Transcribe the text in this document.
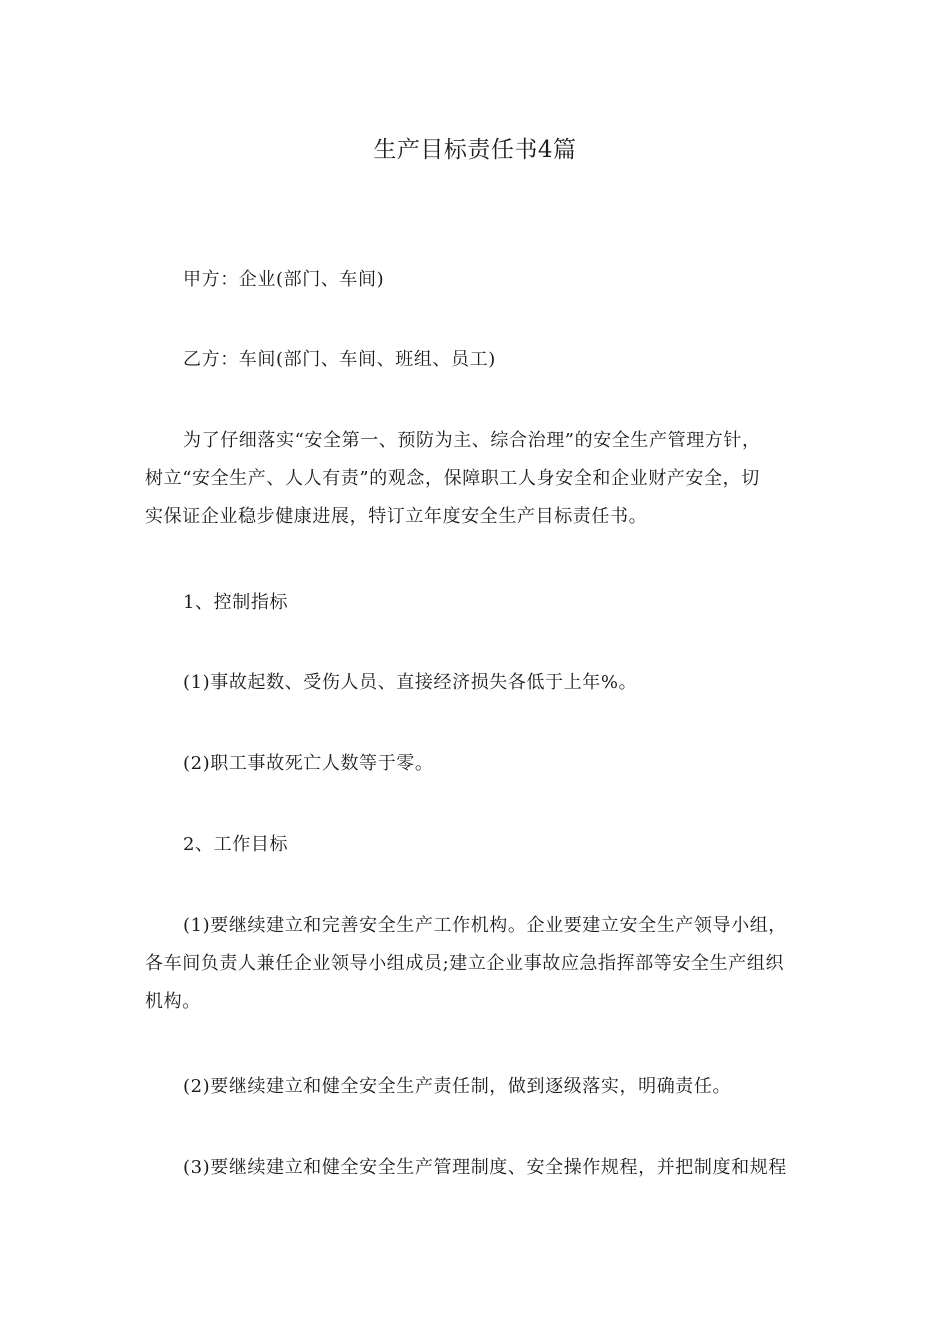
生产目标责任书4篇
甲方：企业(部门、车间)
乙方：车间(部门、车间、班组、员工)
为了仔细落实“安全第一、预防为主、综合治理”的安全生产管理方针，
树立“安全生产、人人有责”的观念，保障职工人身安全和企业财产安全，切
实保证企业稳步健康进展，特订立年度安全生产目标责任书。
1、控制指标
(1)事故起数、受伤人员、直接经济损失各低于上年%。
(2)职工事故死亡人数等于零。
2、工作目标
(1)要继续建立和完善安全生产工作机构。企业要建立安全生产领导小组，
各车间负责人兼任企业领导小组成员;建立企业事故应急指挥部等安全生产组织
机构。
(2)要继续建立和健全安全生产责任制，做到逐级落实，明确责任。
(3)要继续建立和健全安全生产管理制度、安全操作规程，并把制度和规程
